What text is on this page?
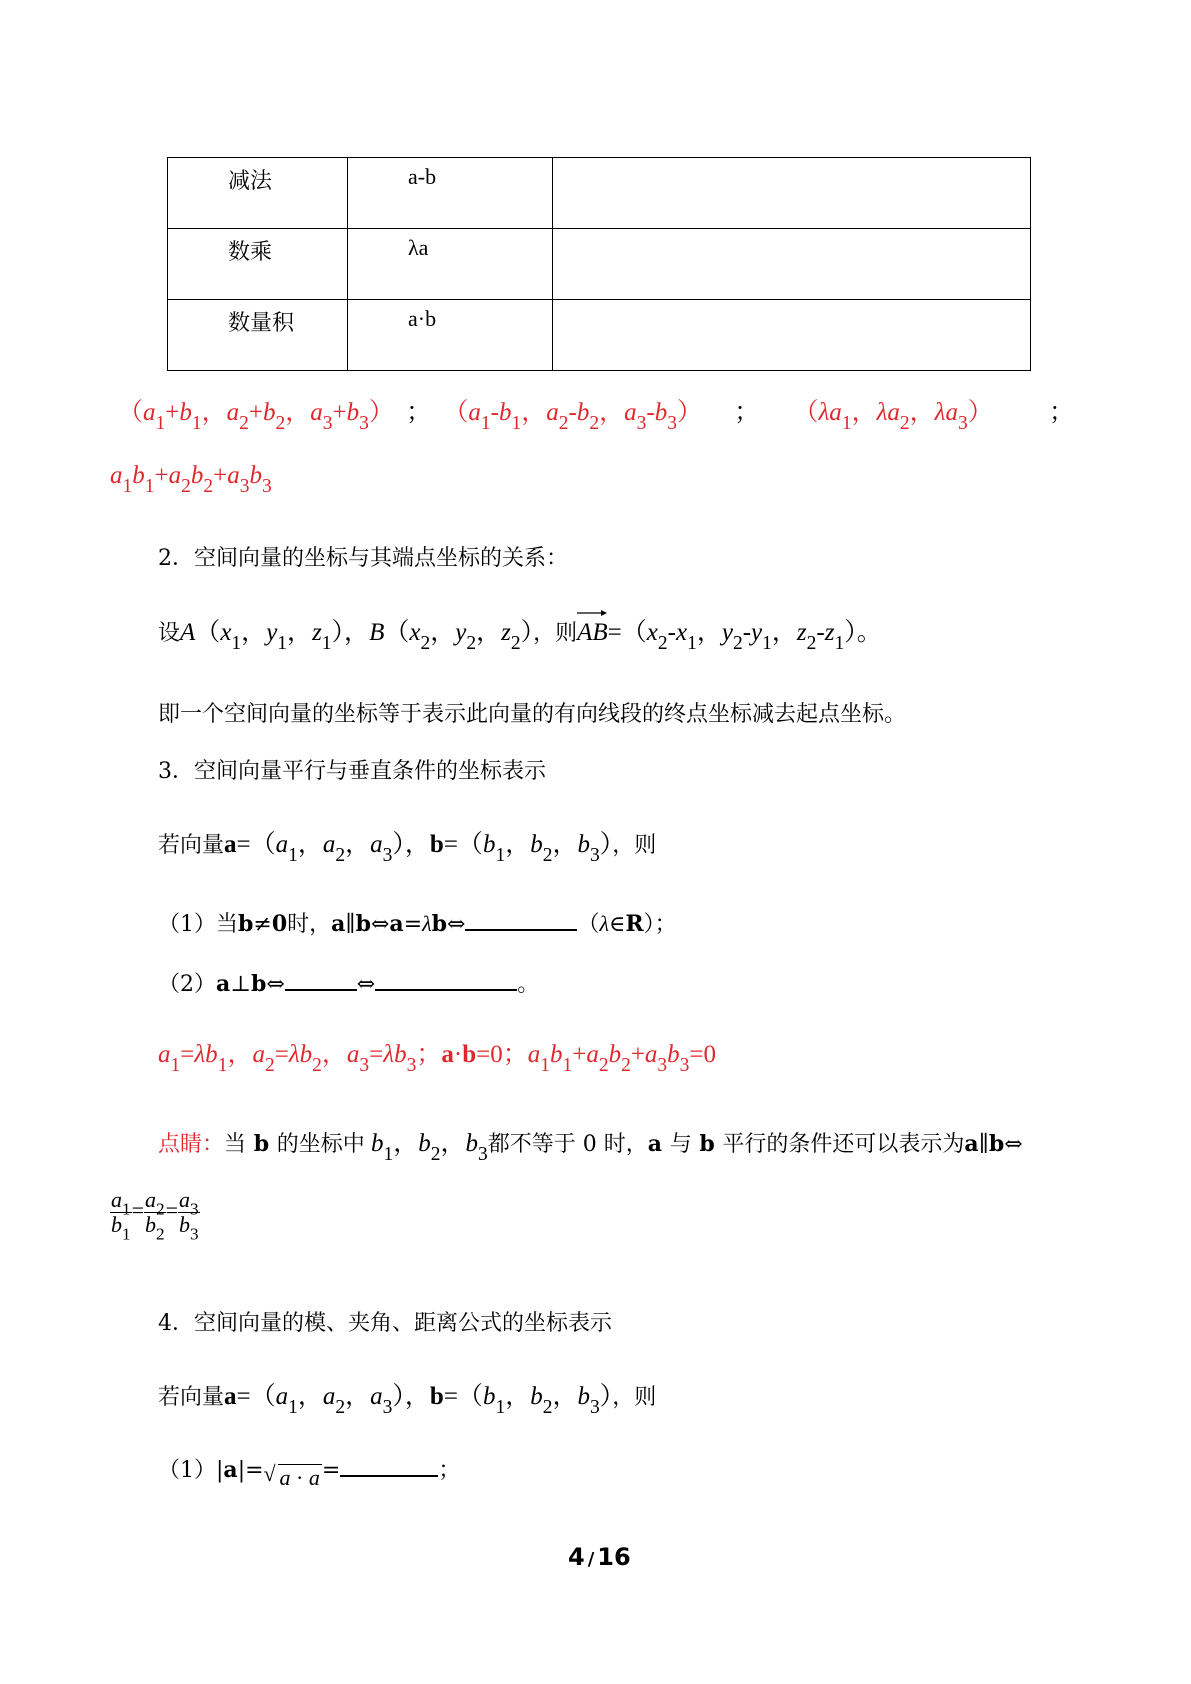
减法	a-b	
数乘	λa	
数量积	a·b	
（$a_1+b_1$，$a_2+b_2$，$a_3+b_3$） ； （$a_1-b_1$，$a_2-b_2$，$a_3-b_3$） ； （$\lambda a_1$，$\lambda a_2$，$\lambda a_3$） ；
$a_1b_1+a_2b_2+a_3b_3$
2．空间向量的坐标与其端点坐标的关系：
设$A(x_1$，$y_1$，$z_1$），$B(x_2$，$y_2$，$z_2$），则
$AB=(x_2-x_1$，$y_2-y_1$，$z_2-z_1$）。
即一个空间向量的坐标等于表示此向量的有向线段的终点坐标减去起点坐标。
3．空间向量平行与垂直条件的坐标表示
若向量$a=(a_1$，$a_2$，$a_3$），$b=(b_1$，$b_2$，$b_3$），则
（1）当b≠0时，a∥b⇔a=λb⇔	（λ∈R）；
（2）a⊥b⇔	⇔	。
$a_1=\lambda b_1$，$a_2=\lambda b_2$，$a_3=\lambda b_3$；a·b=0；$a_1b_1+a_2b_2+a_3b_3=0$
点睛：当 b 的坐标中 $b_1$，$b_2$，$b_3$都不等于 0 时，a 与 b 平行的条件还可以表示为a∥b⇔
$\frac{a_1}{b_1} = \frac{a_2}{b_2} = \frac{a_3}{b_3}$
4．空间向量的模、夹角、距离公式的坐标表示
若向量$a=(a_1$，$a_2$，$a_3$），$b=(b_1$，$b_2$，$b_3$），则
（1）|a|= √ a · a=	；
4 / 16
